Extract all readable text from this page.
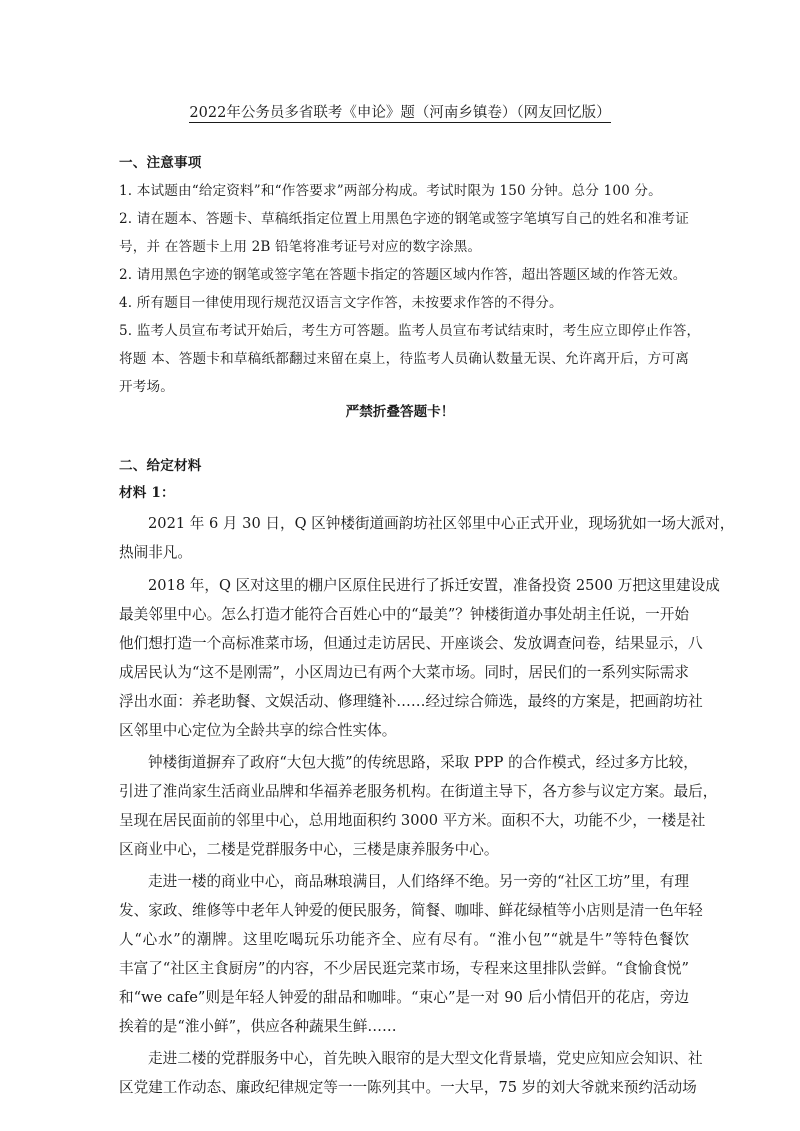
2022年公务员多省联考《申论》题（河南乡镇卷）（网友回忆版）
一、注意事项
1. 本试题由“给定资料”和“作答要求”两部分构成。考试时限为 150 分钟。总分 100 分。
2. 请在题本、答题卡、草稿纸指定位置上用黑色字迹的钢笔或签字笔填写自己的姓名和准考证
号，并 在答题卡上用 2B 铅笔将准考证号对应的数字涂黑。
2. 请用黑色字迹的钢笔或签字笔在答题卡指定的答题区域内作答，超出答题区域的作答无效。
4. 所有题目一律使用现行规范汉语言文字作答，未按要求作答的不得分。
5. 监考人员宣布考试开始后，考生方可答题。监考人员宣布考试结束时，考生应立即停止作答，
将题 本、答题卡和草稿纸都翻过来留在桌上，待监考人员确认数量无误、允许离开后，方可离
开考场。
严禁折叠答题卡！
二、给定材料
材料 1：
2021 年 6 月 30 日，Q 区钟楼街道画韵坊社区邻里中心正式开业，现场犹如一场大派对，
热闹非凡。
2018 年，Q 区对这里的棚户区原住民进行了拆迁安置，准备投资 2500 万把这里建设成
最美邻里中心。怎么打造才能符合百姓心中的“最美”？钟楼街道办事处胡主任说，一开始
他们想打造一个高标准菜市场，但通过走访居民、开座谈会、发放调查问卷，结果显示，八
成居民认为“这不是刚需”，小区周边已有两个大菜市场。同时，居民们的一系列实际需求
浮出水面：养老助餐、文娱活动、修理缝补……经过综合筛选，最终的方案是，把画韵坊社
区邻里中心定位为全龄共享的综合性实体。
钟楼街道摒弃了政府“大包大揽”的传统思路，采取 PPP 的合作模式，经过多方比较，
引进了淮尚家生活商业品牌和华福养老服务机构。在街道主导下，各方参与议定方案。最后，
呈现在居民面前的邻里中心，总用地面积约 3000 平方米。面积不大，功能不少，一楼是社
区商业中心，二楼是党群服务中心，三楼是康养服务中心。
走进一楼的商业中心，商品琳琅满目，人们络绎不绝。另一旁的“社区工坊”里，有理
发、家政、维修等中老年人钟爱的便民服务，简餐、咖啡、鲜花绿植等小店则是清一色年轻
人“心水”的潮牌。这里吃喝玩乐功能齐全、应有尽有。“淮小包”“就是牛”等特色餐饮
丰富了“社区主食厨房”的内容，不少居民逛完菜市场，专程来这里排队尝鲜。“食愉食悦”
和“we cafe”则是年轻人钟爱的甜品和咖啡。“束心”是一对 90 后小情侣开的花店，旁边
挨着的是“淮小鲜”，供应各种蔬果生鲜……
走进二楼的党群服务中心，首先映入眼帘的是大型文化背景墙，党史应知应会知识、社
区党建工作动态、廉政纪律规定等一一陈列其中。一大早，75 岁的刘大爷就来预约活动场
